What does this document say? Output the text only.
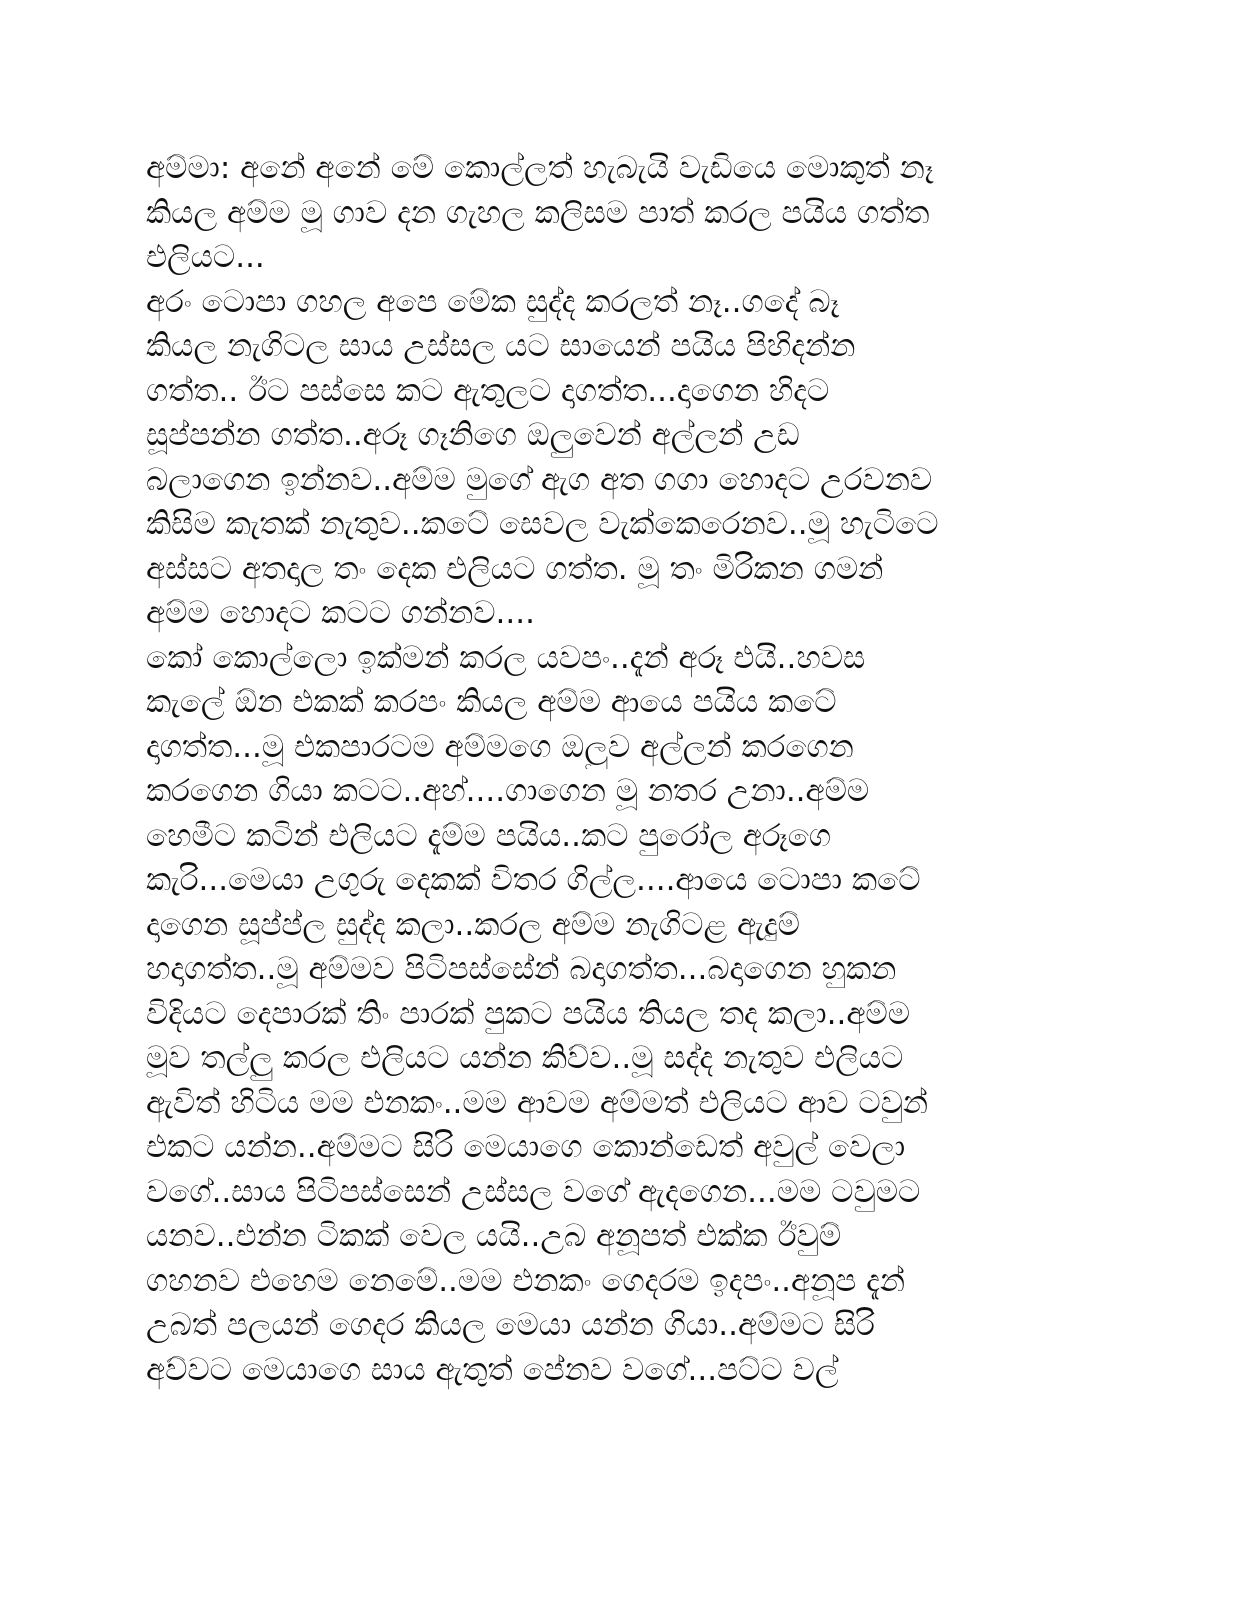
අම්මා: අනේ අනේ මේ කොල්ලත් හැබැයි වැඩියෙ මොකුත් නෑ
කියල අම්ම මූ ගාව දන ගැහල කලිසම පාත් කරල පයිය ගත්ත
එලියට...
අරං ටොපා ගහල අපෙ මේක සුද්ද කරලත් නෑ..ගදේ බෑ
කියල නැගිටල සාය උස්සල යට සායෙන් පයිය පිහිදන්න
ගත්ත.. ඊට පස්සෙ කට ඇතුලට දාගත්ත...දාගෙන හිදට
සූප්පන්න ගත්ත..අරූ ගෑනිගෙ ඔලුවෙන් අල්ලන් උඩ
බලාගෙන ඉන්නව..අම්ම මුගේ ඇග අත ගගා හොදට උරවනව
කිසිම කැතක් නැතුව..කටේ සෙවල වැක්කෙරෙනව..මූ හැටිටෙ
අස්සට අතදාල තං දෙක එලියට ගත්ත. මූ තං මිරිකන ගමන්
අම්ම හොදට කටට ගන්නව....
කෝ කොල්ලො ඉක්මන් කරල යවපං..දැන් අරූ එයි..හවස
කැලේ ඕන එකක් කරපං කියල අම්ම ආයෙ පයිය කටේ
දාගත්ත...මූ එකපාරටම අම්මගෙ ඔලුව අල්ලන් කරගෙන
කරගෙන ගියා කටට..අහ්....ගාගෙන මූ නතර උනා..අම්ම
හෙමීට කටින් එලියට දැම්ම පයිය..කට පුරෝල අරූගෙ
කැරි...මෙයා උගුරු දෙකක් විතර ගිල්ල....ආයෙ ටොපා කටේ
දාගෙන සූප්ප්ල සුද්ද කලා..කරල අම්ම නැගිටළ ඇදුම්
හදාගත්ත..මූ අම්මව පිටිපස්සේන් බදාගත්ත...බදාගෙන හුකන
විදියට දෙපාරක් තිං පාරක් පුකට පයිය තියල තද කලා..අම්ම
මූව තල්ලු කරල එලියට යන්න කිව්ව..මූ සද්ද නැතුව එලියට
ඇවිත් හිටිය මම එනකං..මම ආවම අම්මත් එලියට ආව ටවුන්
එකට යන්න..අම්මට සිරි මෙයාගෙ කොන්ඩෙත් අවුල් වෙලා
වගේ..සාය පිටිපස්සෙන් උස්සල වගේ ඇදගෙන...මම ටවුමට
යනව..එන්න ටිකක් වෙල යයි..උබ අනූපත් එක්ක ඊවුම්
ගහනව එහෙම නෙමේ..මම එනකං ගෙදරම ඉදපං..අනූප දැන්
උබත් පලයන් ගෙදර කියල මෙයා යන්න ගියා..අම්මට සිරි
අව්වට මෙයාගෙ සාය ඇතුත් පේනව වගේ...පට්ට වල්
